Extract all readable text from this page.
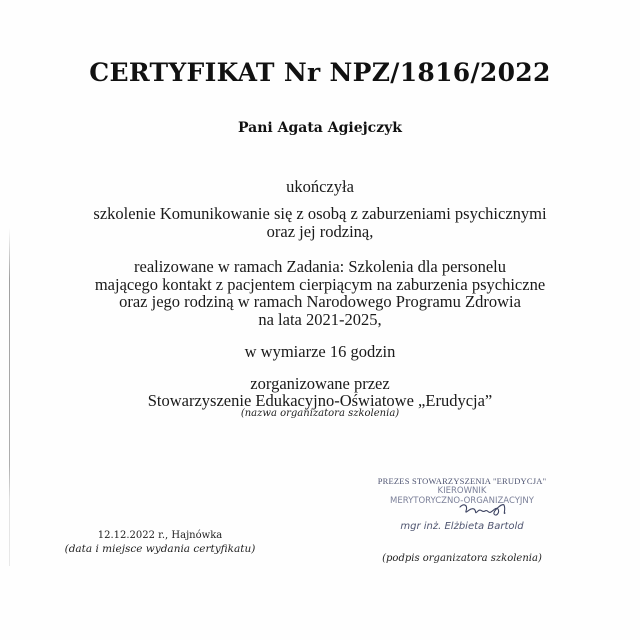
CERTYFIKAT Nr NPZ/1816/2022
Pani Agata Agiejczyk
ukończyła
szkolenie Komunikowanie się z osobą z zaburzeniami psychicznymi
oraz jej rodziną,
realizowane w ramach Zadania: Szkolenia dla personelu
mającego kontakt z pacjentem cierpiącym na zaburzenia psychiczne
oraz jego rodziną w ramach Narodowego Programu Zdrowia
na lata 2021-2025,
w wymiarze 16 godzin
zorganizowane przez
Stowarzyszenie Edukacyjno-Oświatowe „Erudycja”
(nazwa organizatora szkolenia)
PREZES STOWARZYSZENIA "ERUDYCJA"
KIEROWNIK
MERYTORYCZNO-ORGANIZACYJNY
mgr inż. Elżbieta Bartold
(podpis organizatora szkolenia)
12.12.2022 r., Hajnówka
(data i miejsce wydania certyfikatu)
